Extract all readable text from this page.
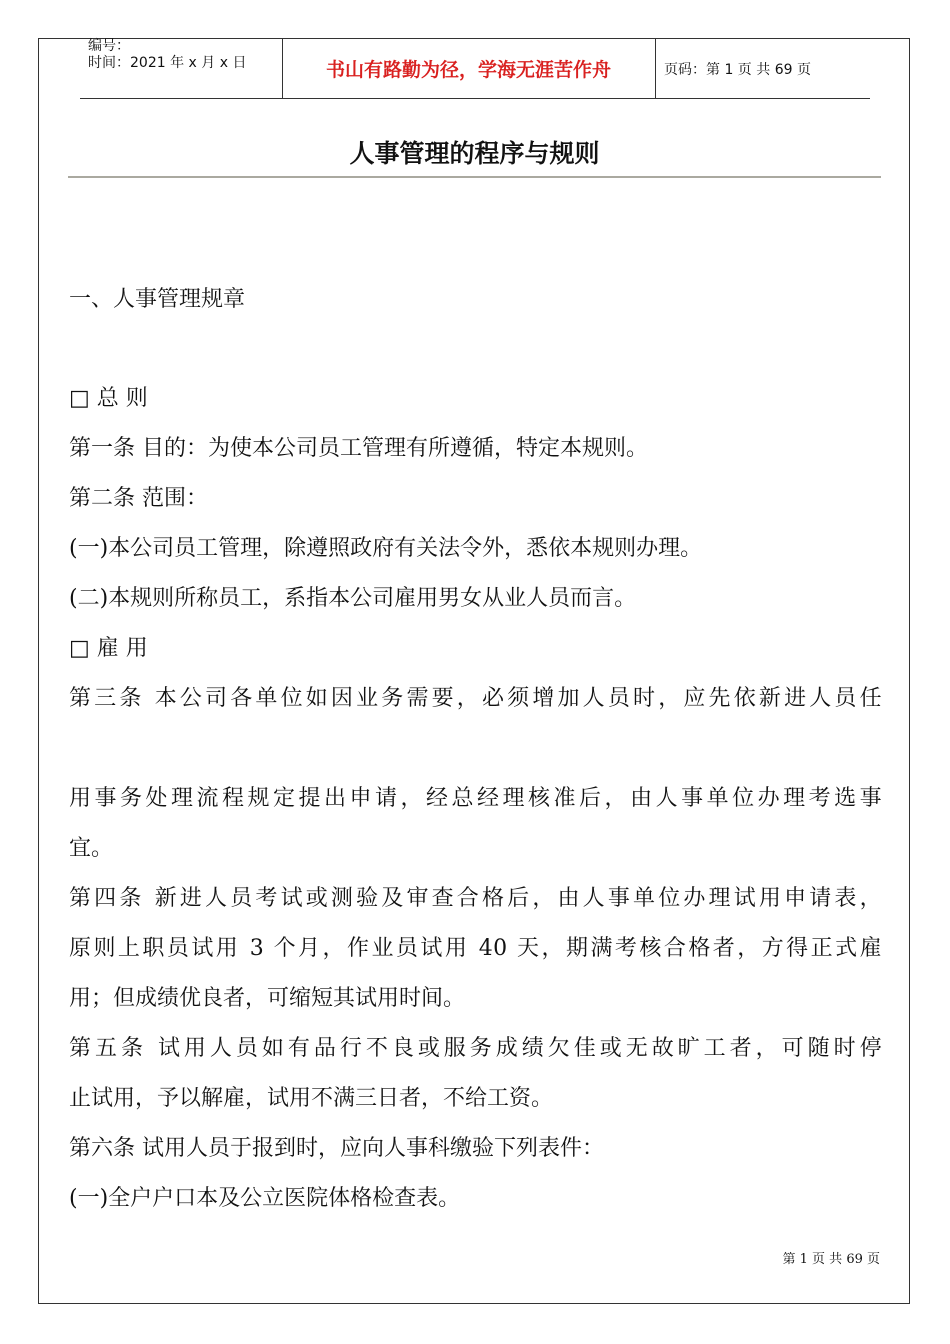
编号：
时间：2021 年 x 月 x 日	书山有路勤为径，学海无涯苦作舟	页码：第 1 页 共 69 页
人事管理的程序与规则
一、人事管理规章
□ 总 则
第一条 目的：为使本公司员工管理有所遵循，特定本规则。
第二条 范围：
(一)本公司员工管理，除遵照政府有关法令外，悉依本规则办理。
(二)本规则所称员工，系指本公司雇用男女从业人员而言。
□ 雇 用
第三条 本公司各单位如因业务需要，必须增加人员时，应先依新进人员任
用事务处理流程规定提出申请，经总经理核准后，由人事单位办理考选事
宜。
第四条 新进人员考试或测验及审查合格后，由人事单位办理试用申请表，
原则上职员试用 3 个月，作业员试用 40 天，期满考核合格者，方得正式雇
用；但成绩优良者，可缩短其试用时间。
第五条 试用人员如有品行不良或服务成绩欠佳或无故旷工者，可随时停
止试用，予以解雇，试用不满三日者，不给工资。
第六条 试用人员于报到时，应向人事科缴验下列表件：
(一)全户户口本及公立医院体格检查表。
第 1 页 共 69 页
